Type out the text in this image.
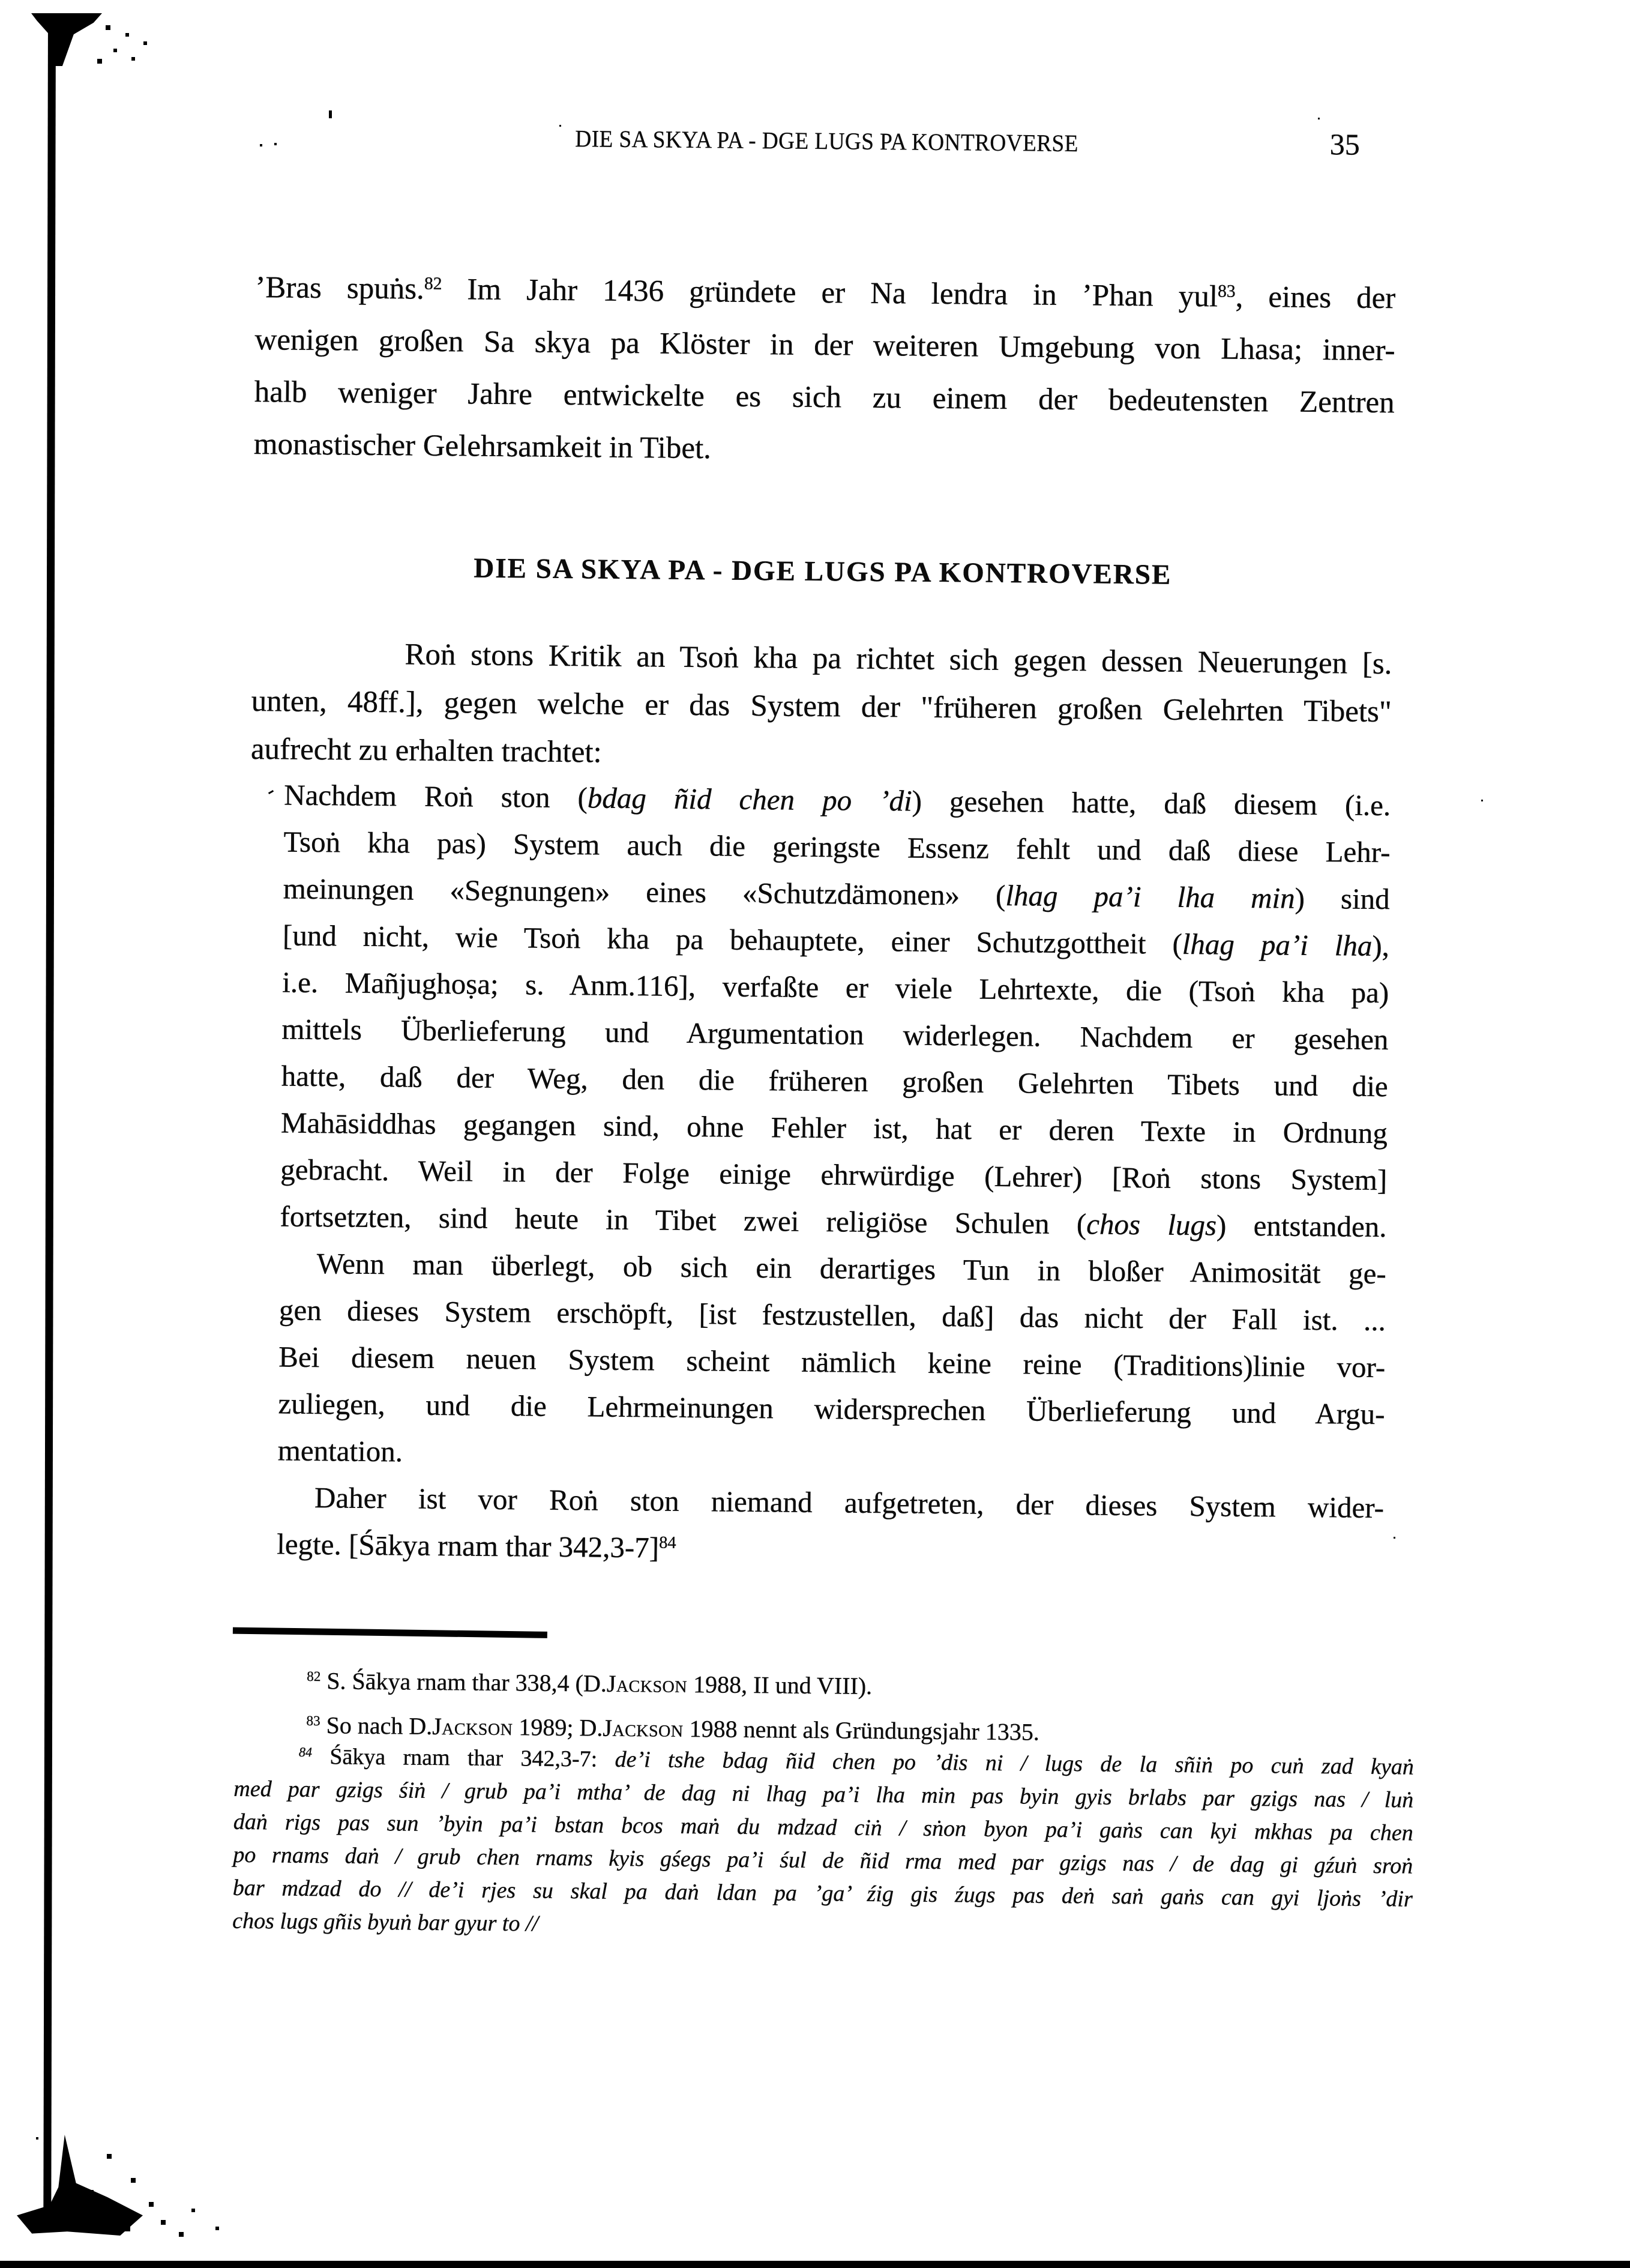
DIE SA SKYA PA - DGE LUGS PA KONTROVERSE	35
’Bras spuṅs.$^{82}$ Im Jahr 1436 gründete er Na lendra in ’Phan yul$^{83}$, eines der
wenigen großen Sa skya pa Klöster in der weiteren Umgebung von Lhasa; inner-
halb weniger Jahre entwickelte es sich zu einem der bedeutensten Zentren
monastischer Gelehrsamkeit in Tibet.
DIE SA SKYA PA - DGE LUGS PA KONTROVERSE
Roṅ stons Kritik an Tsoṅ kha pa richtet sich gegen dessen Neuerungen [s.
unten, 48ff.], gegen welche er das System der "früheren großen Gelehrten Tibets"
aufrecht zu erhalten trachtet:
Nachdem Roṅ ston (bdag ñid chen po ’di) gesehen hatte, daß diesem (i.e.
Tsoṅ kha pas) System auch die geringste Essenz fehlt und daß diese Lehr-
meinungen «Segnungen» eines «Schutzdämonen» (lhag pa’i lha min) sind
[und nicht, wie Tsoṅ kha pa behauptete, einer Schutzgottheit (lhag pa’i lha),
i.e. Mañjughoṣa; s. Anm.116], verfaßte er viele Lehrtexte, die (Tsoṅ kha pa)
mittels Überlieferung und Argumentation widerlegen. Nachdem er gesehen
hatte, daß der Weg, den die früheren großen Gelehrten Tibets und die
Mahāsiddhas gegangen sind, ohne Fehler ist, hat er deren Texte in Ordnung
gebracht. Weil in der Folge einige ehrwürdige (Lehrer) [Roṅ stons System]
fortsetzten, sind heute in Tibet zwei religiöse Schulen (chos lugs) entstanden.
Wenn man überlegt, ob sich ein derartiges Tun in bloßer Animosität ge-
gen dieses System erschöpft, [ist festzustellen, daß] das nicht der Fall ist. ...
Bei diesem neuen System scheint nämlich keine reine (Traditions)linie vor-
zuliegen, und die Lehrmeinungen widersprechen Überlieferung und Argu-
mentation.
Daher ist vor Roṅ ston niemand aufgetreten, der dieses System wider-
legte. [Śākya rnam thar 342,3-7]$^{84}$
$^{82}$ S. Śākya rnam thar 338,4 (D.Jackson 1988, II und VIII).
$^{83}$ So nach D.Jackson 1989; D.Jackson 1988 nennt als Gründungsjahr 1335.
$^{84}$ Śākya rnam thar 342,3-7: de’i tshe bdag ñid chen po ’dis ni / lugs de la sñiṅ po cuṅ zad kyaṅ
med par gzigs śiṅ / grub pa’i mtha’ de dag ni lhag pa’i lha min pas byin gyis brlabs par gzigs nas / luṅ
daṅ rigs pas sun ’byin pa’i bstan bcos maṅ du mdzad ciṅ / sṅon byon pa’i gaṅs can kyi mkhas pa chen
po rnams daṅ / grub chen rnams kyis gśegs pa’i śul de ñid rma med par gzigs nas / de dag gi gźuṅ sroṅ
bar mdzad do // de’i rjes su skal pa daṅ ldan pa ’ga’ źig gis źugs pas deṅ saṅ gaṅs can gyi ljoṅs ’dir
chos lugs gñis byuṅ bar gyur to //
